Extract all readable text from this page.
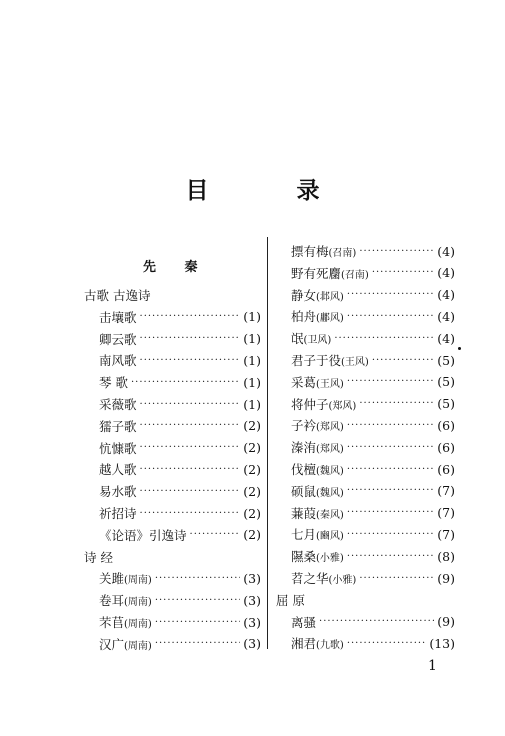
目 录
先 秦
古歌 古逸诗
击壤歌 ·····	(1)
卿云歌 ·····	(1)
南风歌 ·····	(1)
琴 歌 ·····	(1)
采薇歌 ·····	(1)
獳子歌 ·····	(2)
忼慷歌 ·····	(2)
越人歌 ·····	(2)
易水歌 ·····	(2)
祈招诗 ·····	(2)
《论语》引逸诗 ·····	(2)
诗 经
关雎(周南) ·····	(3)
卷耳(周南) ·····	(3)
芣苢(周南) ·····	(3)
汉广(周南) ·····	(3)
摽有梅(召南) ·····	(4)
野有死麕(召南) ·····	(4)
静女(邶风) ·····	(4)
柏舟(鄘风) ·····	(4)
氓(卫风) ·····	(4)
君子于役(王风) ·····	(5)
采葛(王风) ·····	(5)
将仲子(郑风) ·····	(5)
子衿(郑风) ·····	(6)
溱洧(郑风) ·····	(6)
伐檀(魏风) ·····	(6)
硕鼠(魏风) ·····	(7)
蒹葭(秦风) ·····	(7)
七月(豳风) ·····	(7)
隰桑(小雅) ·····	(8)
苕之华(小雅) ·····	(9)
屈 原
离骚 ·····	(9)
湘君(九歌) ·····	(13)
1
